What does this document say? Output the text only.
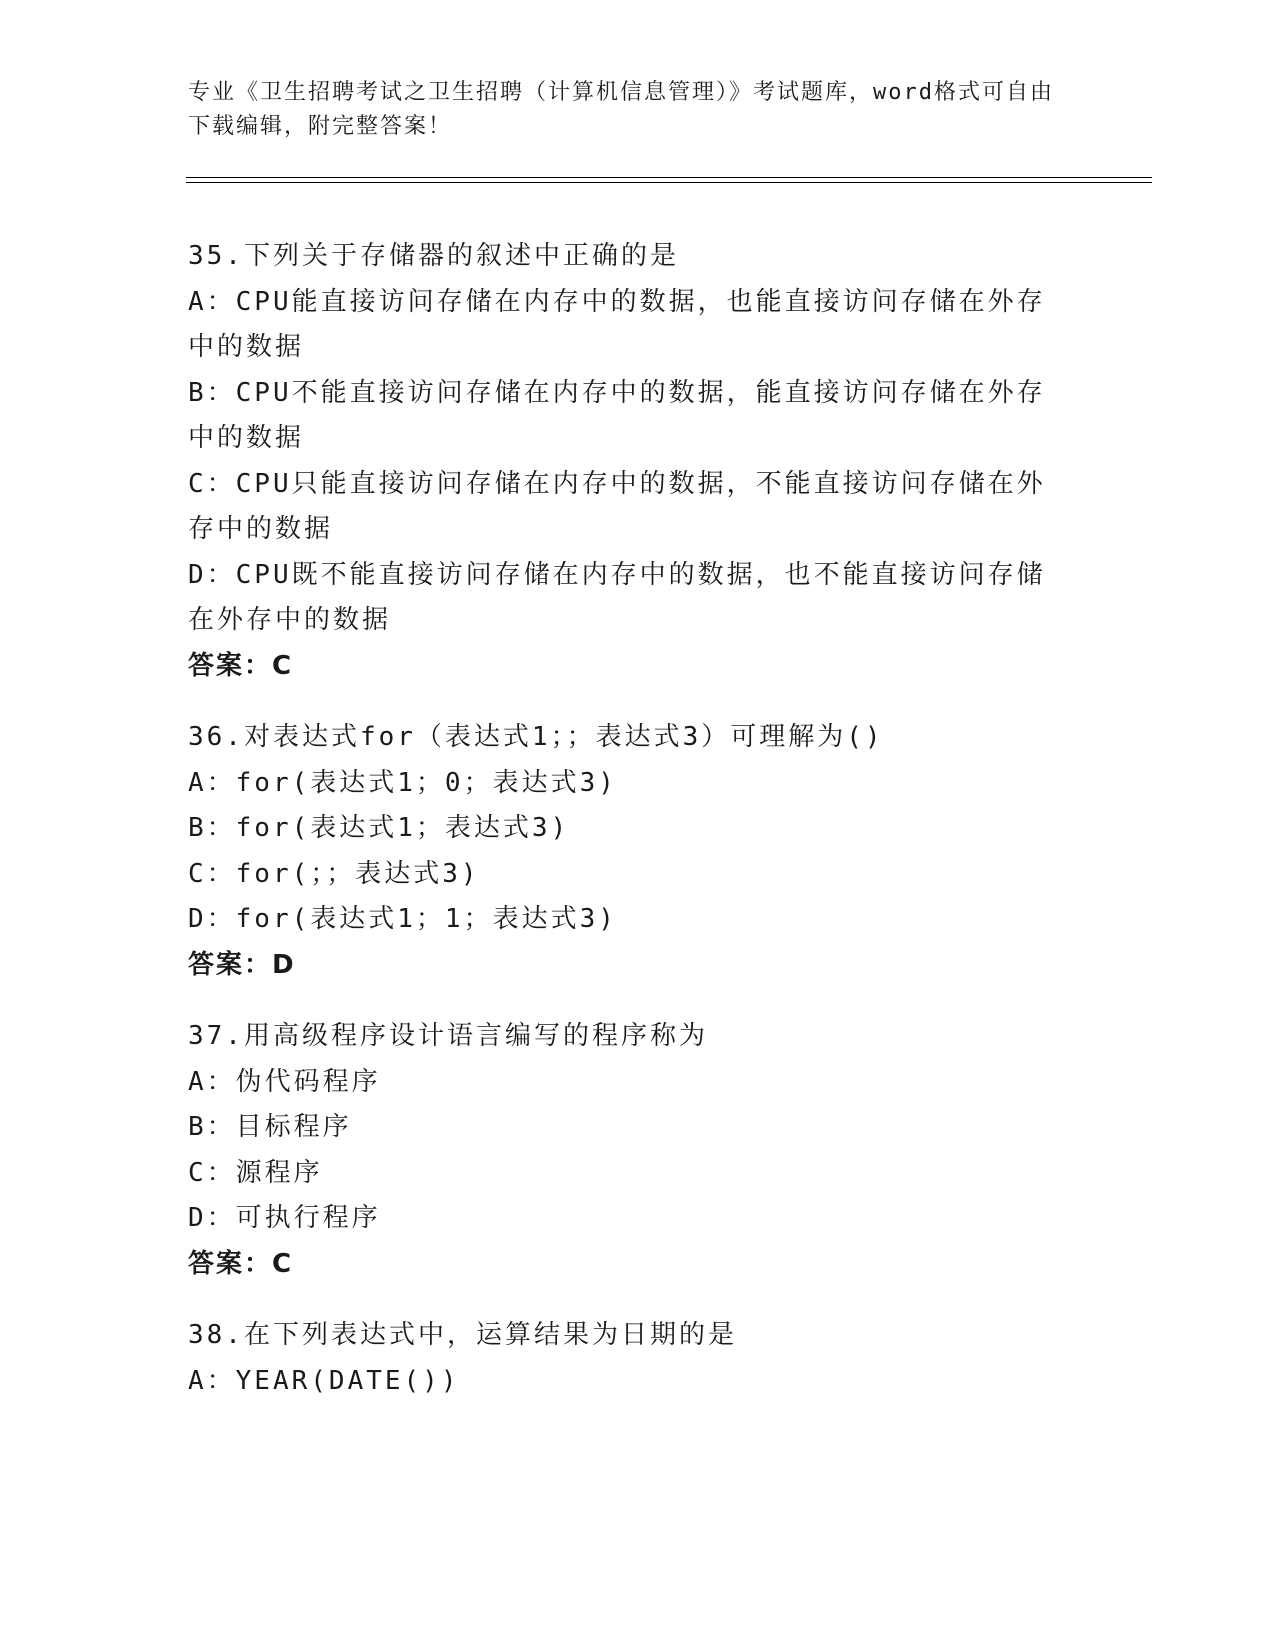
专业《卫生招聘考试之卫生招聘（计算机信息管理）》考试题库，word格式可自由下载编辑，附完整答案！
35.下列关于存储器的叙述中正确的是
A：CPU能直接访问存储在内存中的数据，也能直接访问存储在外存中的数据
B：CPU不能直接访问存储在内存中的数据，能直接访问存储在外存中的数据
C：CPU只能直接访问存储在内存中的数据，不能直接访问存储在外存中的数据
D：CPU既不能直接访问存储在内存中的数据，也不能直接访问存储在外存中的数据
答案：C
36.对表达式for（表达式1；；表达式3）可理解为()
A：for(表达式1；0；表达式3)
B：for(表达式1；表达式3)
C：for(；；表达式3)
D：for(表达式1；1；表达式3)
答案：D
37.用高级程序设计语言编写的程序称为
A：伪代码程序
B：目标程序
C：源程序
D：可执行程序
答案：C
38.在下列表达式中，运算结果为日期的是
A：YEAR(DATE())
